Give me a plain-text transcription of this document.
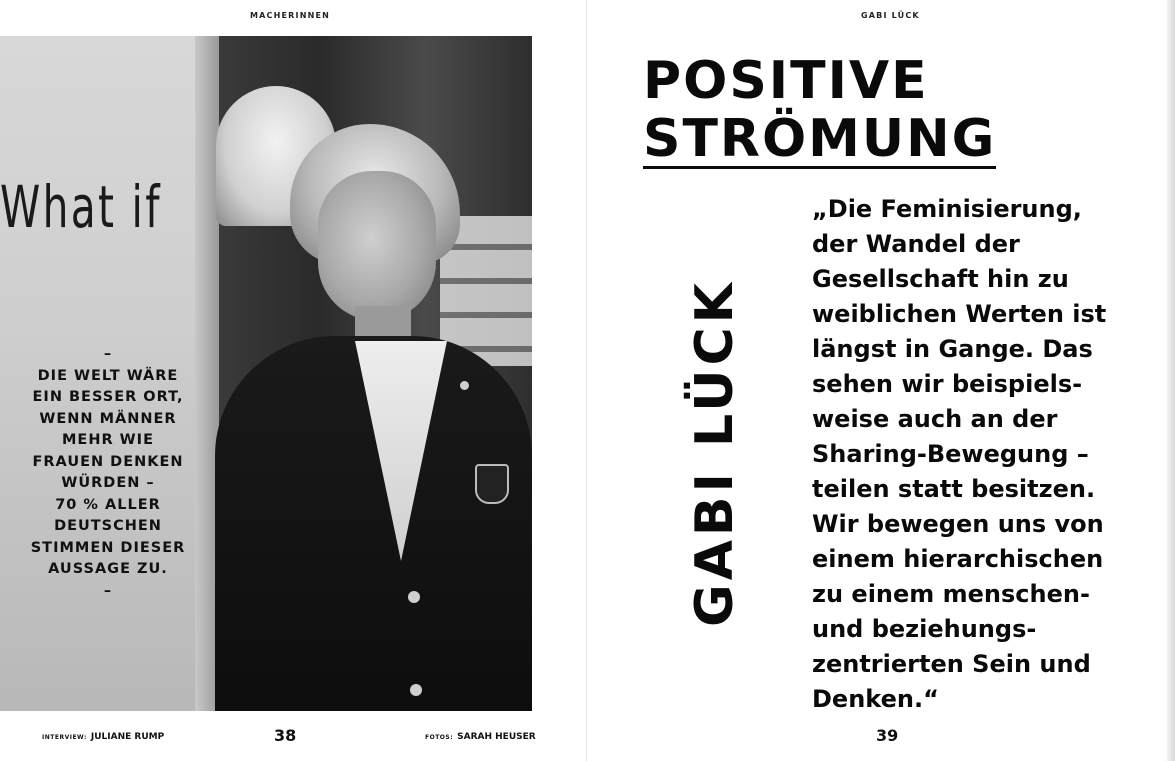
MACHERINNEN
What if
–
DIE WELT WÄRE
EIN BESSER ORT,
WENN MÄNNER
MEHR WIE
FRAUEN DENKEN
WÜRDEN –
70 % ALLER
DEUTSCHEN
STIMMEN DIESER
AUSSAGE ZU.
–
INTERVIEW: JULIANE RUMP	38	FOTOS: SARAH HEUSER
GABI LÜCK
POSITIVE
STRÖMUNG
GABI LÜCK
„Die Feminisierung,
der Wandel der
Gesellschaft hin zu
weiblichen Werten ist
längst in Gange. Das
sehen wir beispiels-
weise auch an der
Sharing-Bewegung –
teilen statt besitzen.
Wir bewegen uns von
einem hierarchischen
zu einem menschen-
und beziehungs-
zentrierten Sein und
Denken.“
39
